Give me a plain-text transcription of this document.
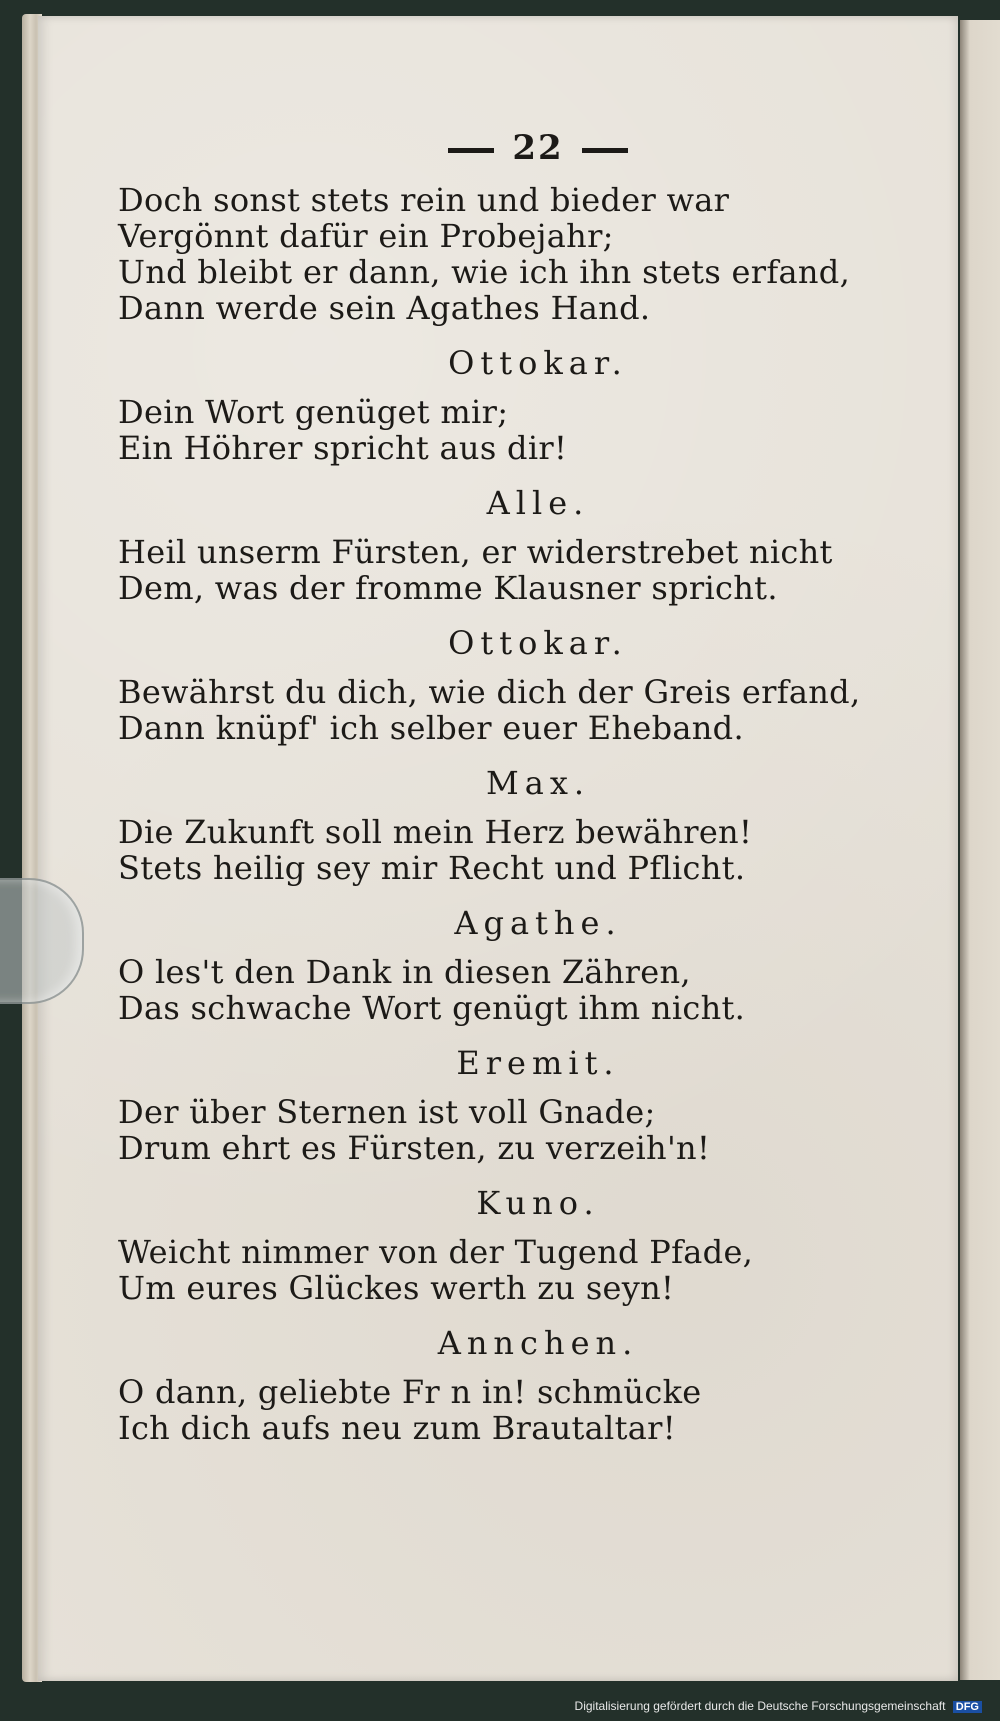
22
Doch sonst stets rein und bieder war
Vergönnt dafür ein Probejahr;
Und bleibt er dann, wie ich ihn stets erfand,
Dann werde sein Agathes Hand.
Ottokar.
Dein Wort genüget mir;
Ein Höhrer spricht aus dir!
Alle.
Heil unserm Fürsten, er widerstrebet nicht
Dem, was der fromme Klausner spricht.
Ottokar.
Bewährst du dich, wie dich der Greis erfand,
Dann knüpf' ich selber euer Eheband.
Max.
Die Zukunft soll mein Herz bewähren!
Stets heilig sey mir Recht und Pflicht.
Agathe.
O les't den Dank in diesen Zähren,
Das schwache Wort genügt ihm nicht.
Eremit.
Der über Sternen ist voll Gnade;
Drum ehrt es Fürsten, zu verzeih'n!
Kuno.
Weicht nimmer von der Tugend Pfade,
Um eures Glückes werth zu seyn!
Annchen.
O dann, geliebte Fr n in! schmücke
Ich dich aufs neu zum Brautaltar!
Digitalisierung gefördert durch die Deutsche Forschungsgemeinschaft DFG
